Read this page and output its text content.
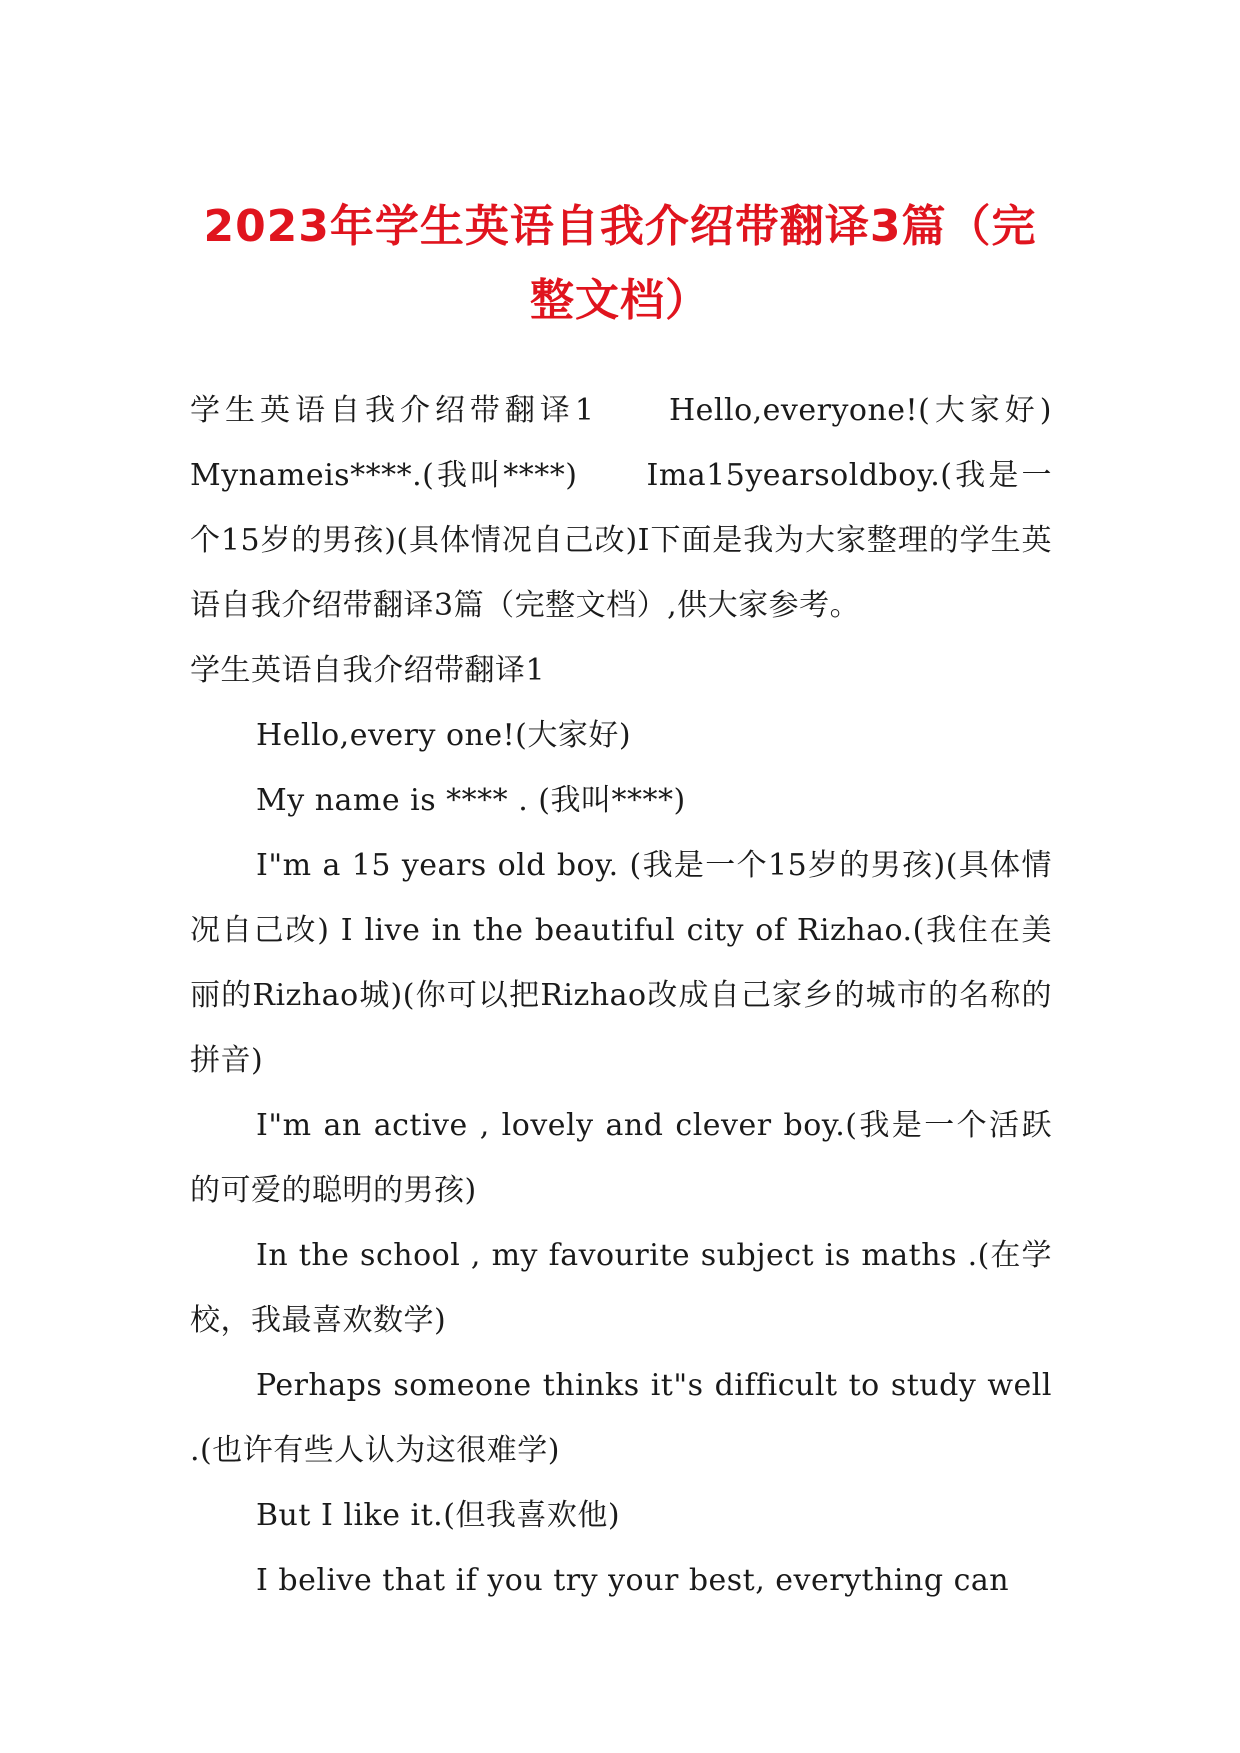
2023年学生英语自我介绍带翻译3篇（完整文档）

学生英语自我介绍带翻译1　　Hello,everyone!(大家好)　　Mynameis****.(我叫****)　　Ima15yearsoldboy.(我是一个15岁的男孩)(具体情况自己改)I下面是我为大家整理的学生英语自我介绍带翻译3篇（完整文档）,供大家参考。

学生英语自我介绍带翻译1

Hello,every one!(大家好)

My name is **** . (我叫****)

I"m a 15 years old boy. (我是一个15岁的男孩)(具体情况自己改) I live in the beautiful city of Rizhao.(我住在美丽的Rizhao城)(你可以把Rizhao改成自己家乡的城市的名称的拼音)

I"m an active , lovely and clever boy.(我是一个活跃的可爱的聪明的男孩)

In the school , my favourite subject is maths .(在学校，我最喜欢数学)

Perhaps someone thinks it"s difficult to study well .(也许有些人认为这很难学)

But I like it.(但我喜欢他)

I belive that if you try your best, everything can
